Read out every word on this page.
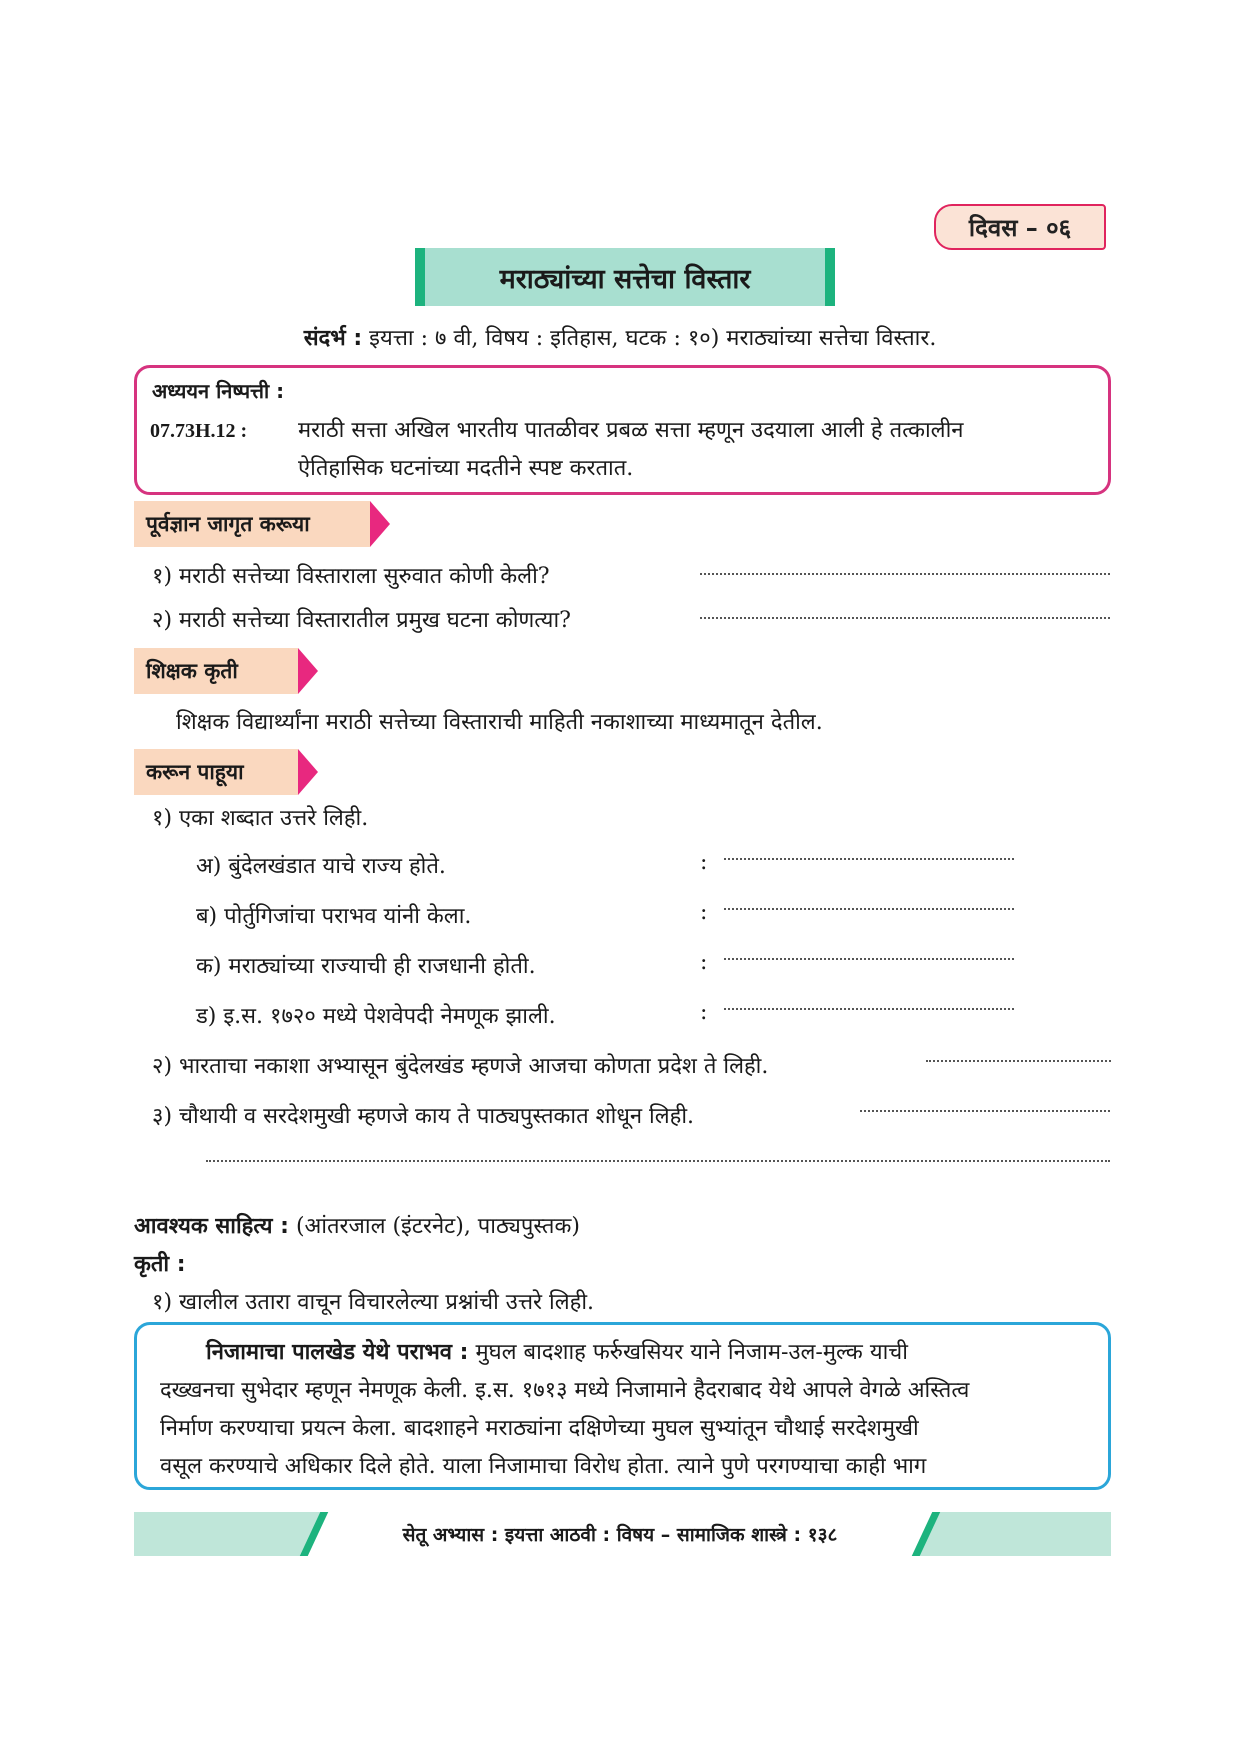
दिवस – ०६
मराठ्यांच्या सत्तेचा विस्तार
संदर्भ : इयत्ता : ७ वी, विषय : इतिहास, घटक : १०) मराठ्यांच्या सत्तेचा विस्तार.
अध्ययन निष्पत्ती :
07.73H.12 : मराठी सत्ता अखिल भारतीय पातळीवर प्रबळ सत्ता म्हणून उदयाला आली हे तत्कालीन
ऐतिहासिक घटनांच्या मदतीने स्पष्ट करतात.
पूर्वज्ञान जागृत करूया
१) मराठी सत्तेच्या विस्ताराला सुरुवात कोणी केली?
२) मराठी सत्तेच्या विस्तारातील प्रमुख घटना कोणत्या?
शिक्षक कृती
शिक्षक विद्यार्थ्यांना मराठी सत्तेच्या विस्ताराची माहिती नकाशाच्या माध्यमातून देतील.
करून पाहूया
१) एका शब्दात उत्तरे लिही.
अ) बुंदेलखंडात याचे राज्य होते.	:
ब) पोर्तुगिजांचा पराभव यांनी केला.	:
क) मराठ्यांच्या राज्याची ही राजधानी होती.	:
ड) इ.स. १७२० मध्ये पेशवेपदी नेमणूक झाली.	:
२) भारताचा नकाशा अभ्यासून बुंदेलखंड म्हणजे आजचा कोणता प्रदेश ते लिही.
३) चौथायी व सरदेशमुखी म्हणजे काय ते पाठ्यपुस्तकात शोधून लिही.
आवश्यक साहित्य : (आंतरजाल (इंटरनेट), पाठ्यपुस्तक)
कृती :
१) खालील उतारा वाचून विचारलेल्या प्रश्नांची उत्तरे लिही.
निजामाचा पालखेड येथे पराभव : मुघल बादशाह फर्रुखसियर याने निजाम-उल-मुल्क याची
दख्खनचा सुभेदार म्हणून नेमणूक केली. इ.स. १७१३ मध्ये निजामाने हैदराबाद येथे आपले वेगळे अस्तित्व
निर्माण करण्याचा प्रयत्न केला. बादशाहने मराठ्यांना दक्षिणेच्या मुघल सुभ्यांतून चौथाई सरदेशमुखी
वसूल करण्याचे अधिकार दिले होते. याला निजामाचा विरोध होता. त्याने पुणे परगण्याचा काही भाग
सेतू अभ्यास : इयत्ता आठवी : विषय – सामाजिक शास्त्रे : १३८
